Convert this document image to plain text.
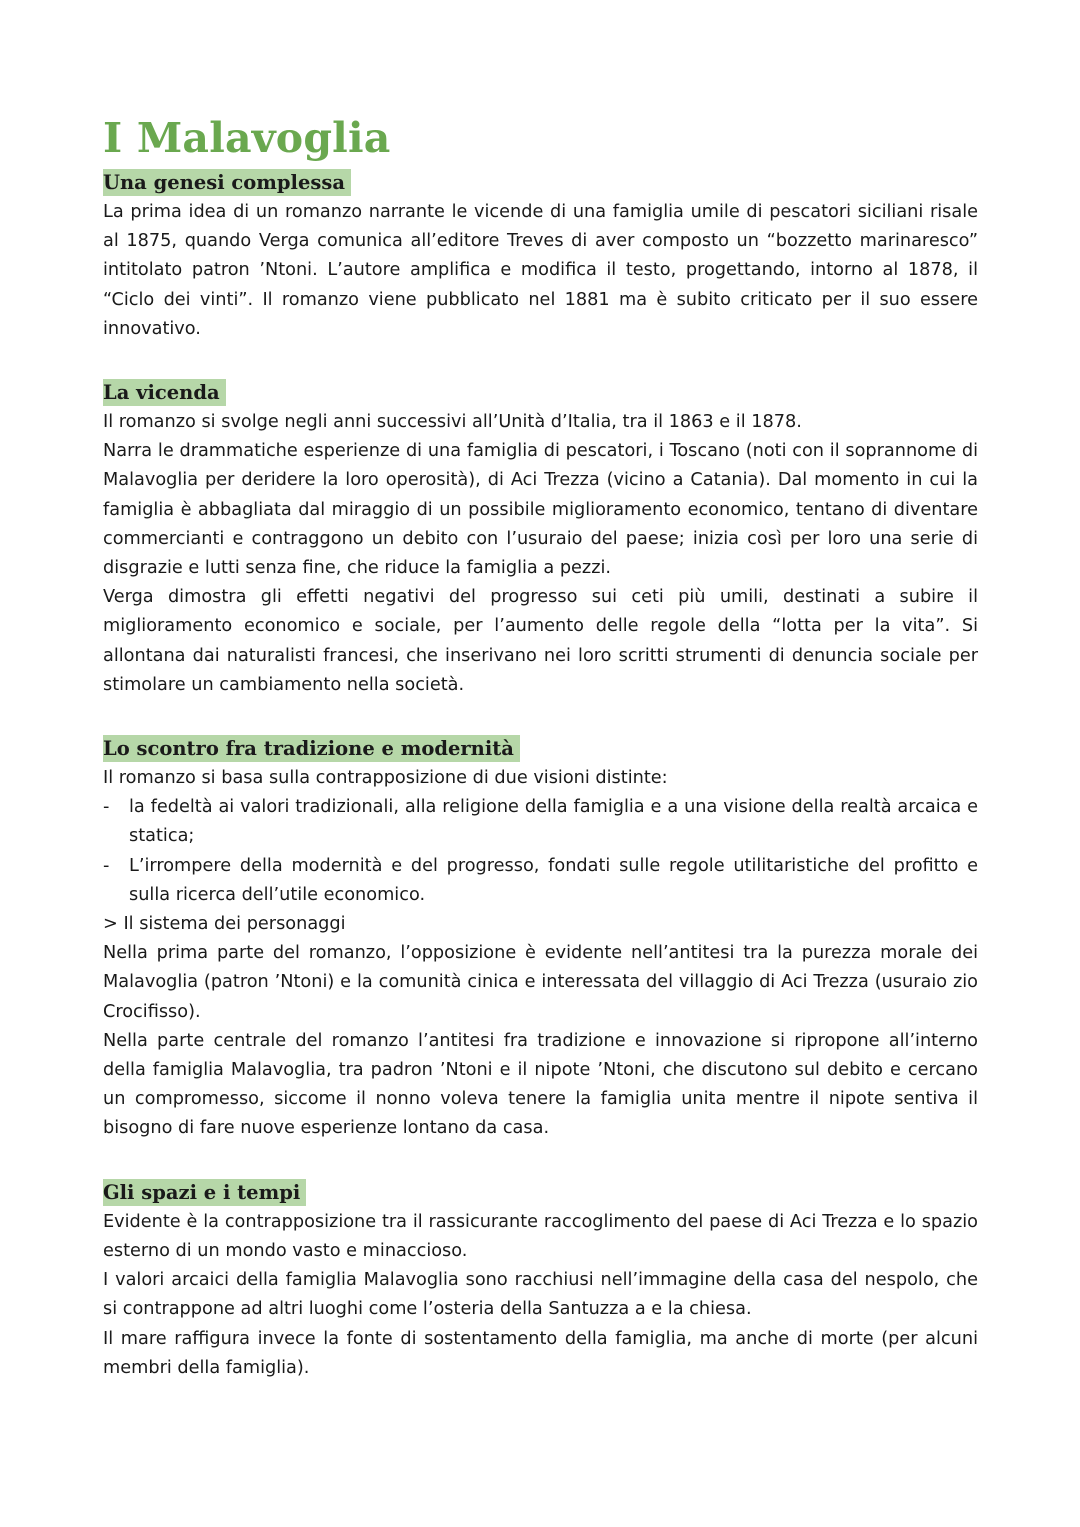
I Malavoglia
Una genesi complessa

La prima idea di un romanzo narrante le vicende di una famiglia umile di pescatori siciliani risale al 1875, quando Verga comunica all’editore Treves di aver composto un “bozzetto marinaresco” intitolato patron ’Ntoni. L’autore amplifica e modifica il testo, progettando, intorno al 1878, il “Ciclo dei vinti”. Il romanzo viene pubblicato nel 1881 ma è subito criticato per il suo essere innovativo.

La vicenda

Il romanzo si svolge negli anni successivi all’Unità d’Italia, tra il 1863 e il 1878.

Narra le drammatiche esperienze di una famiglia di pescatori, i Toscano (noti con il soprannome di Malavoglia per deridere la loro operosità), di Aci Trezza (vicino a Catania). Dal momento in cui la famiglia è abbagliata dal miraggio di un possibile miglioramento economico, tentano di diventare commercianti e contraggono un debito con l’usuraio del paese; inizia così per loro una serie di disgrazie e lutti senza fine, che riduce la famiglia a pezzi.

Verga dimostra gli effetti negativi del progresso sui ceti più umili, destinati a subire il miglioramento economico e sociale, per l’aumento delle regole della “lotta per la vita”. Si allontana dai naturalisti francesi, che inserivano nei loro scritti strumenti di denuncia sociale per stimolare un cambiamento nella società.

Lo scontro fra tradizione e modernità

Il romanzo si basa sulla contrapposizione di due visioni distinte:

- la fedeltà ai valori tradizionali, alla religione della famiglia e a una visione della realtà arcaica e statica;
- L’irrompere della modernità e del progresso, fondati sulle regole utilitaristiche del profitto e sulla ricerca dell’utile economico.

> Il sistema dei personaggi

Nella prima parte del romanzo, l’opposizione è evidente nell’antitesi tra la purezza morale dei Malavoglia (patron ’Ntoni) e la comunità cinica e interessata del villaggio di Aci Trezza (usuraio zio Crocifisso).

Nella parte centrale del romanzo l’antitesi fra tradizione e innovazione si ripropone all’interno della famiglia Malavoglia, tra padron ’Ntoni e il nipote ’Ntoni, che discutono sul debito e cercano un compromesso, siccome il nonno voleva tenere la famiglia unita mentre il nipote sentiva il bisogno di fare nuove esperienze lontano da casa.

Gli spazi e i tempi

Evidente è la contrapposizione tra il rassicurante raccoglimento del paese di Aci Trezza e lo spazio esterno di un mondo vasto e minaccioso.

I valori arcaici della famiglia Malavoglia sono racchiusi nell’immagine della casa del nespolo, che si contrappone ad altri luoghi come l’osteria della Santuzza a e la chiesa.

Il mare raffigura invece la fonte di sostentamento della famiglia, ma anche di morte (per alcuni membri della famiglia).
